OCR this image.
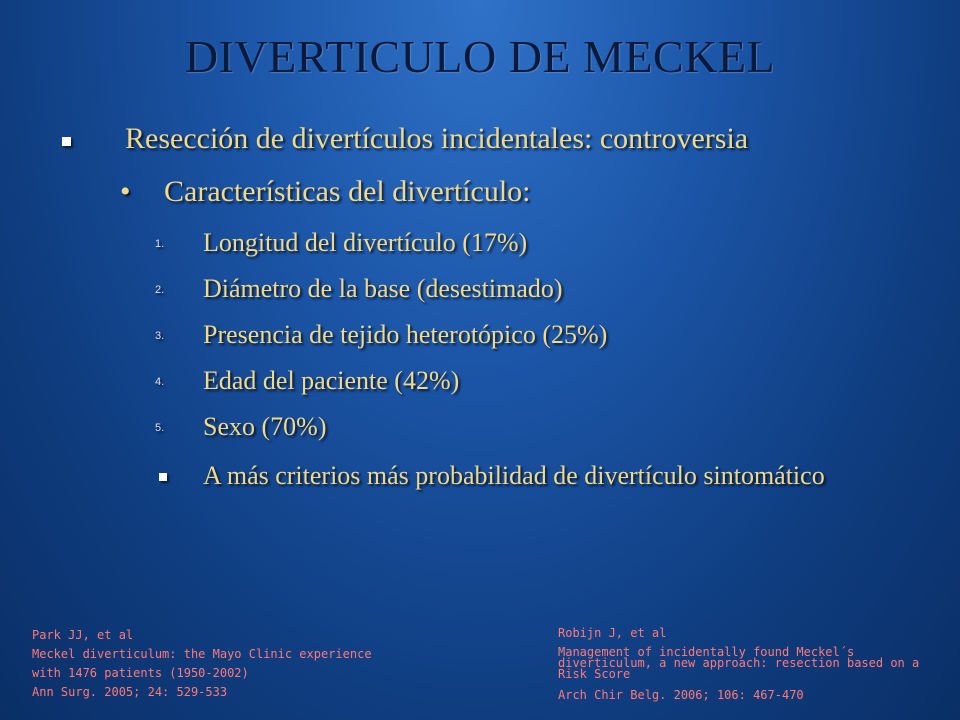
DIVERTICULO DE MECKEL
Resección de divertículos incidentales: controversia
• Características del divertículo:
1. Longitud del divertículo (17%)
2. Diámetro de la base (desestimado)
3. Presencia de tejido heterotópico (25%)
4. Edad del paciente (42%)
5. Sexo (70%)
A más criterios más probabilidad de divertículo sintomático
Park JJ, et al
Meckel diverticulum: the Mayo Clinic experience
with 1476 patients (1950-2002)
Ann Surg. 2005; 24: 529-533
Robijn J, et al
Management of incidentally found Meckel´s diverticulum, a new approach: resection based on a Risk Score
Arch Chir Belg. 2006; 106: 467-470
